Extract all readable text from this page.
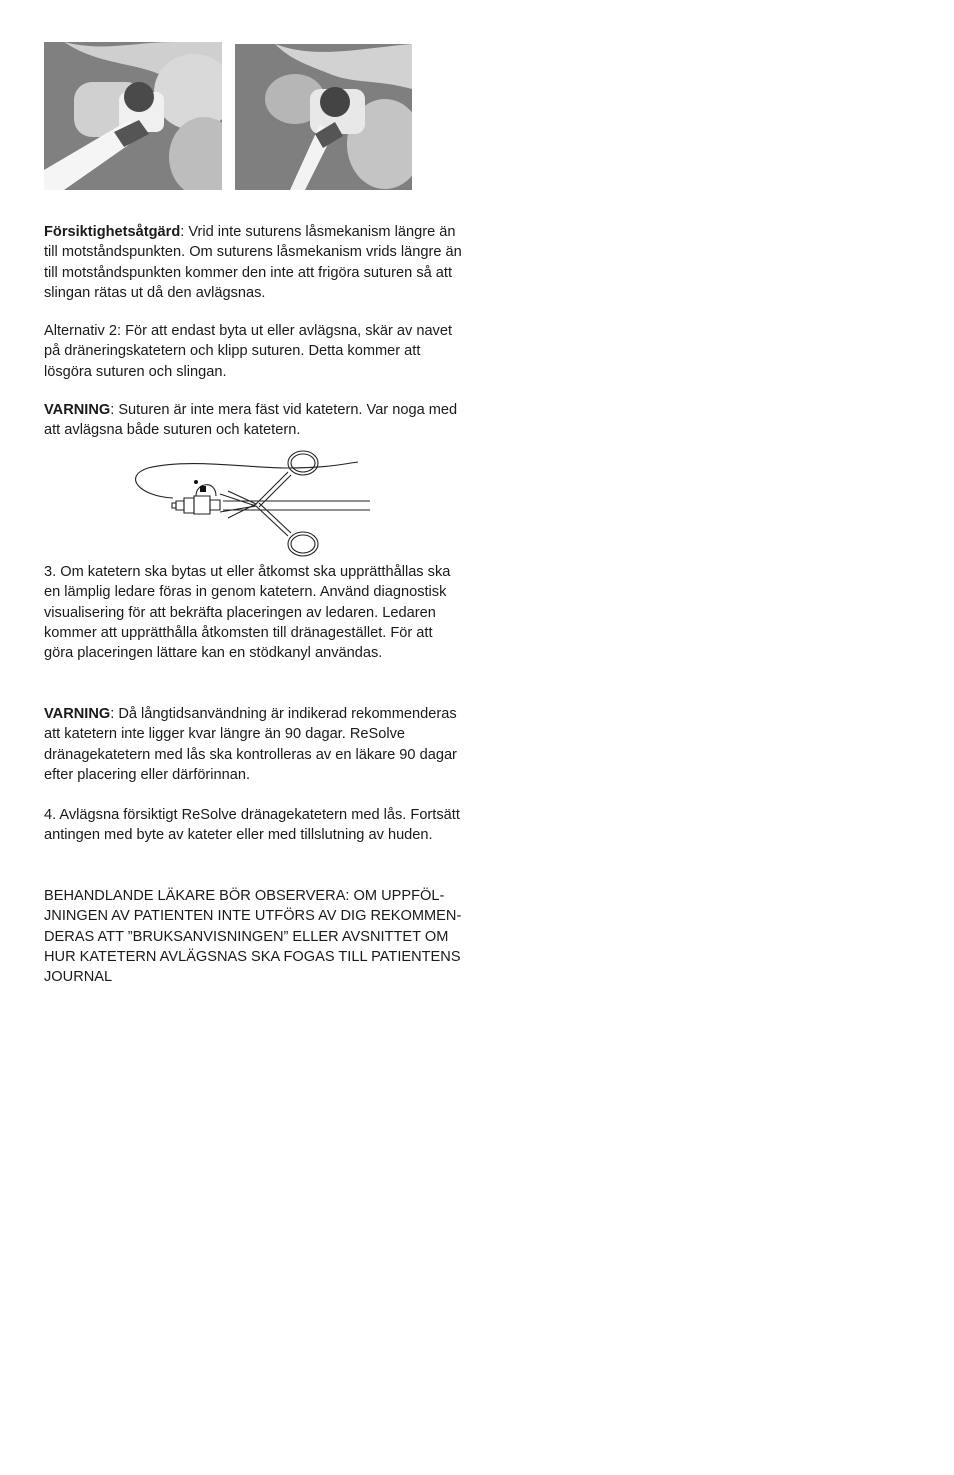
Försiktighetsåtgärd: Vrid inte suturens låsmekanism längre än till motståndspunkten. Om suturens låsmekanism vrids längre än till motståndspunkten kommer den inte att frigöra suturen så att slingan rätas ut då den avlägsnas.

Alternativ 2: För att endast byta ut eller avlägsna, skär av navet på dräneringskatetern och klipp suturen. Detta kommer att lösgöra suturen och slingan.

VARNING: Suturen är inte mera fäst vid katetern. Var noga med att avlägsna både suturen och katetern.

3. Om katetern ska bytas ut eller åtkomst ska upprätthållas ska en lämplig ledare föras in genom katetern. Använd diagnostisk visualisering för att bekräfta placeringen av ledaren. Ledaren kommer att upprätthålla åtkomsten till dränagestället. För att göra placeringen lättare kan en stödkanyl användas.

VARNING: Då långtidsanvändning är indikerad rekommenderas att katetern inte ligger kvar längre än 90 dagar. ReSolve dränagekatetern med lås ska kontrolleras av en läkare 90 dagar efter placering eller därförinnan.

4. Avlägsna försiktigt ReSolve dränagekatetern med lås. Fortsätt antingen med byte av kateter eller med tillslutning av huden.

BEHANDLANDE LÄKARE BÖR OBSERVERA: OM UPPFÖLJNINGEN AV PATIENTEN INTE UTFÖRS AV DIG REKOMMENDERAS ATT ”BRUKSANVISNINGEN” ELLER AVSNITTET OM HUR KATETERN AVLÄGSNAS SKA FOGAS TILL PATIENTENS JOURNAL
